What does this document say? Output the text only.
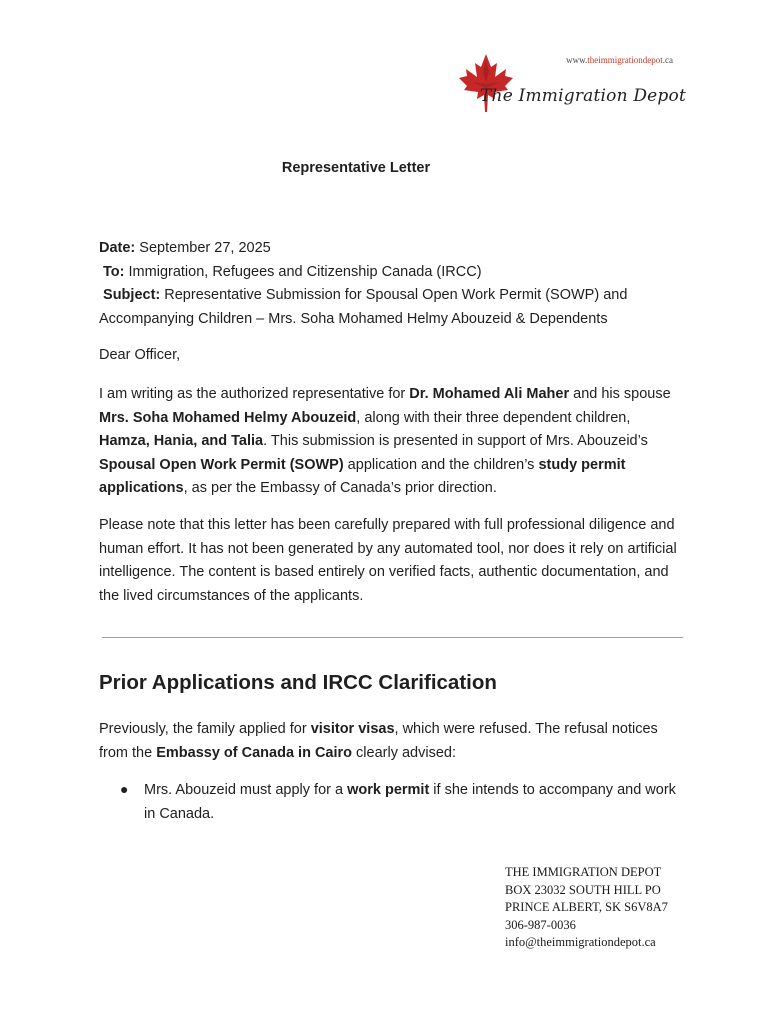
www.theimmigrationdepot.ca
The Immigration Depot
Representative Letter
Date: September 27, 2025
To: Immigration, Refugees and Citizenship Canada (IRCC)
Subject: Representative Submission for Spousal Open Work Permit (SOWP) and Accompanying Children – Mrs. Soha Mohamed Helmy Abouzeid & Dependents
Dear Officer,
I am writing as the authorized representative for Dr. Mohamed Ali Maher and his spouse Mrs. Soha Mohamed Helmy Abouzeid, along with their three dependent children, Hamza, Hania, and Talia. This submission is presented in support of Mrs. Abouzeid’s Spousal Open Work Permit (SOWP) application and the children’s study permit applications, as per the Embassy of Canada’s prior direction.
Please note that this letter has been carefully prepared with full professional diligence and human effort. It has not been generated by any automated tool, nor does it rely on artificial intelligence. The content is based entirely on verified facts, authentic documentation, and the lived circumstances of the applicants.
Prior Applications and IRCC Clarification
Previously, the family applied for visitor visas, which were refused. The refusal notices from the Embassy of Canada in Cairo clearly advised:
● Mrs. Abouzeid must apply for a work permit if she intends to accompany and work in Canada.
THE IMMIGRATION DEPOT
BOX 23032 SOUTH HILL PO
PRINCE ALBERT, SK S6V8A7
306-987-0036
info@theimmigrationdepot.ca
